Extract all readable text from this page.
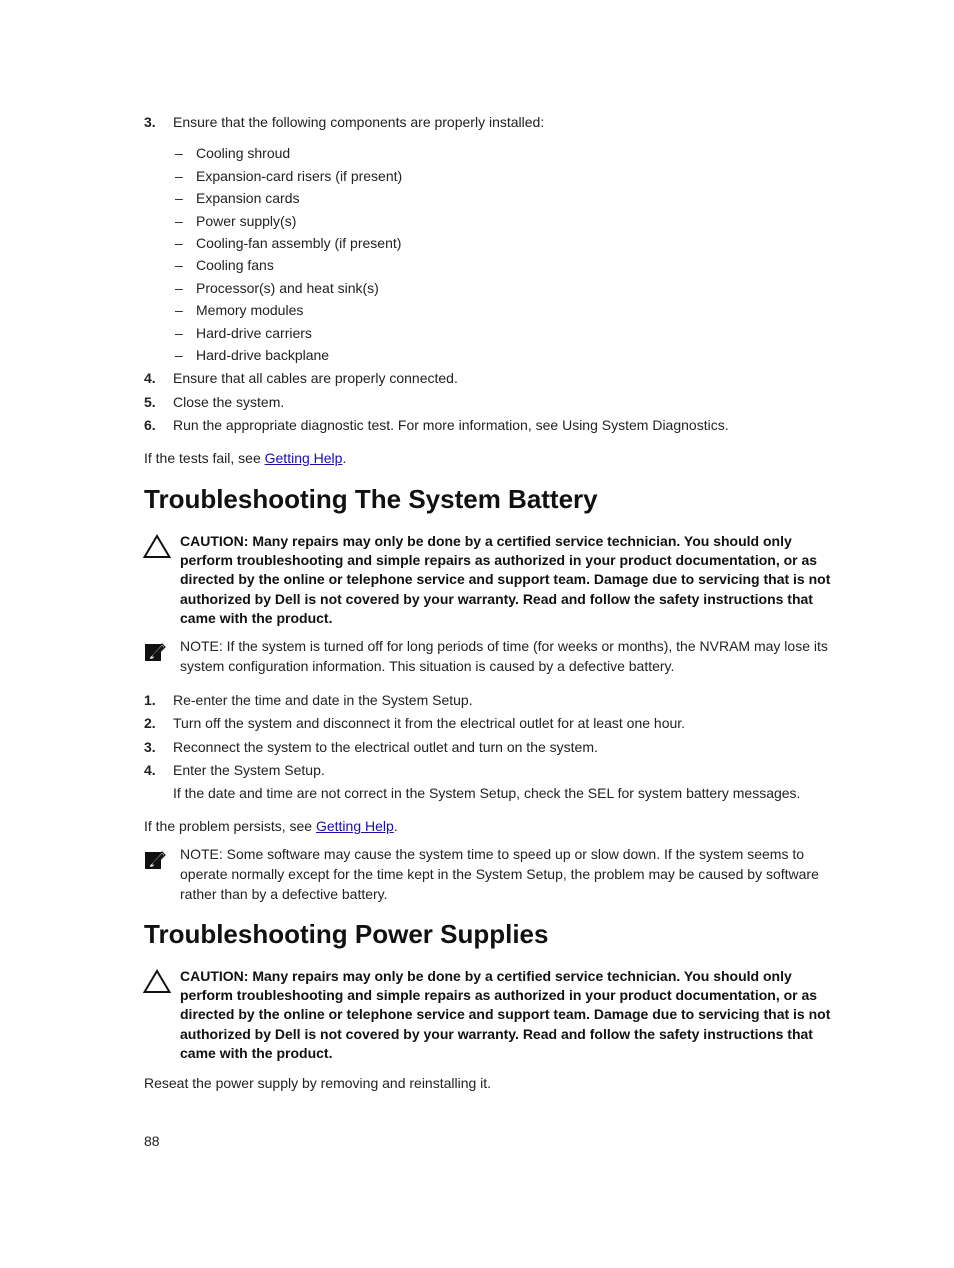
3. Ensure that the following components are properly installed:
– Cooling shroud
– Expansion-card risers (if present)
– Expansion cards
– Power supply(s)
– Cooling-fan assembly (if present)
– Cooling fans
– Processor(s) and heat sink(s)
– Memory modules
– Hard-drive carriers
– Hard-drive backplane
4. Ensure that all cables are properly connected.
5. Close the system.
6. Run the appropriate diagnostic test. For more information, see Using System Diagnostics.
If the tests fail, see Getting Help.
Troubleshooting The System Battery
CAUTION: Many repairs may only be done by a certified service technician. You should only perform troubleshooting and simple repairs as authorized in your product documentation, or as directed by the online or telephone service and support team. Damage due to servicing that is not authorized by Dell is not covered by your warranty. Read and follow the safety instructions that came with the product.
NOTE: If the system is turned off for long periods of time (for weeks or months), the NVRAM may lose its system configuration information. This situation is caused by a defective battery.
1. Re-enter the time and date in the System Setup.
2. Turn off the system and disconnect it from the electrical outlet for at least one hour.
3. Reconnect the system to the electrical outlet and turn on the system.
4. Enter the System Setup.
If the date and time are not correct in the System Setup, check the SEL for system battery messages.
If the problem persists, see Getting Help.
NOTE: Some software may cause the system time to speed up or slow down. If the system seems to operate normally except for the time kept in the System Setup, the problem may be caused by software rather than by a defective battery.
Troubleshooting Power Supplies
CAUTION: Many repairs may only be done by a certified service technician. You should only perform troubleshooting and simple repairs as authorized in your product documentation, or as directed by the online or telephone service and support team. Damage due to servicing that is not authorized by Dell is not covered by your warranty. Read and follow the safety instructions that came with the product.
Reseat the power supply by removing and reinstalling it.
88
